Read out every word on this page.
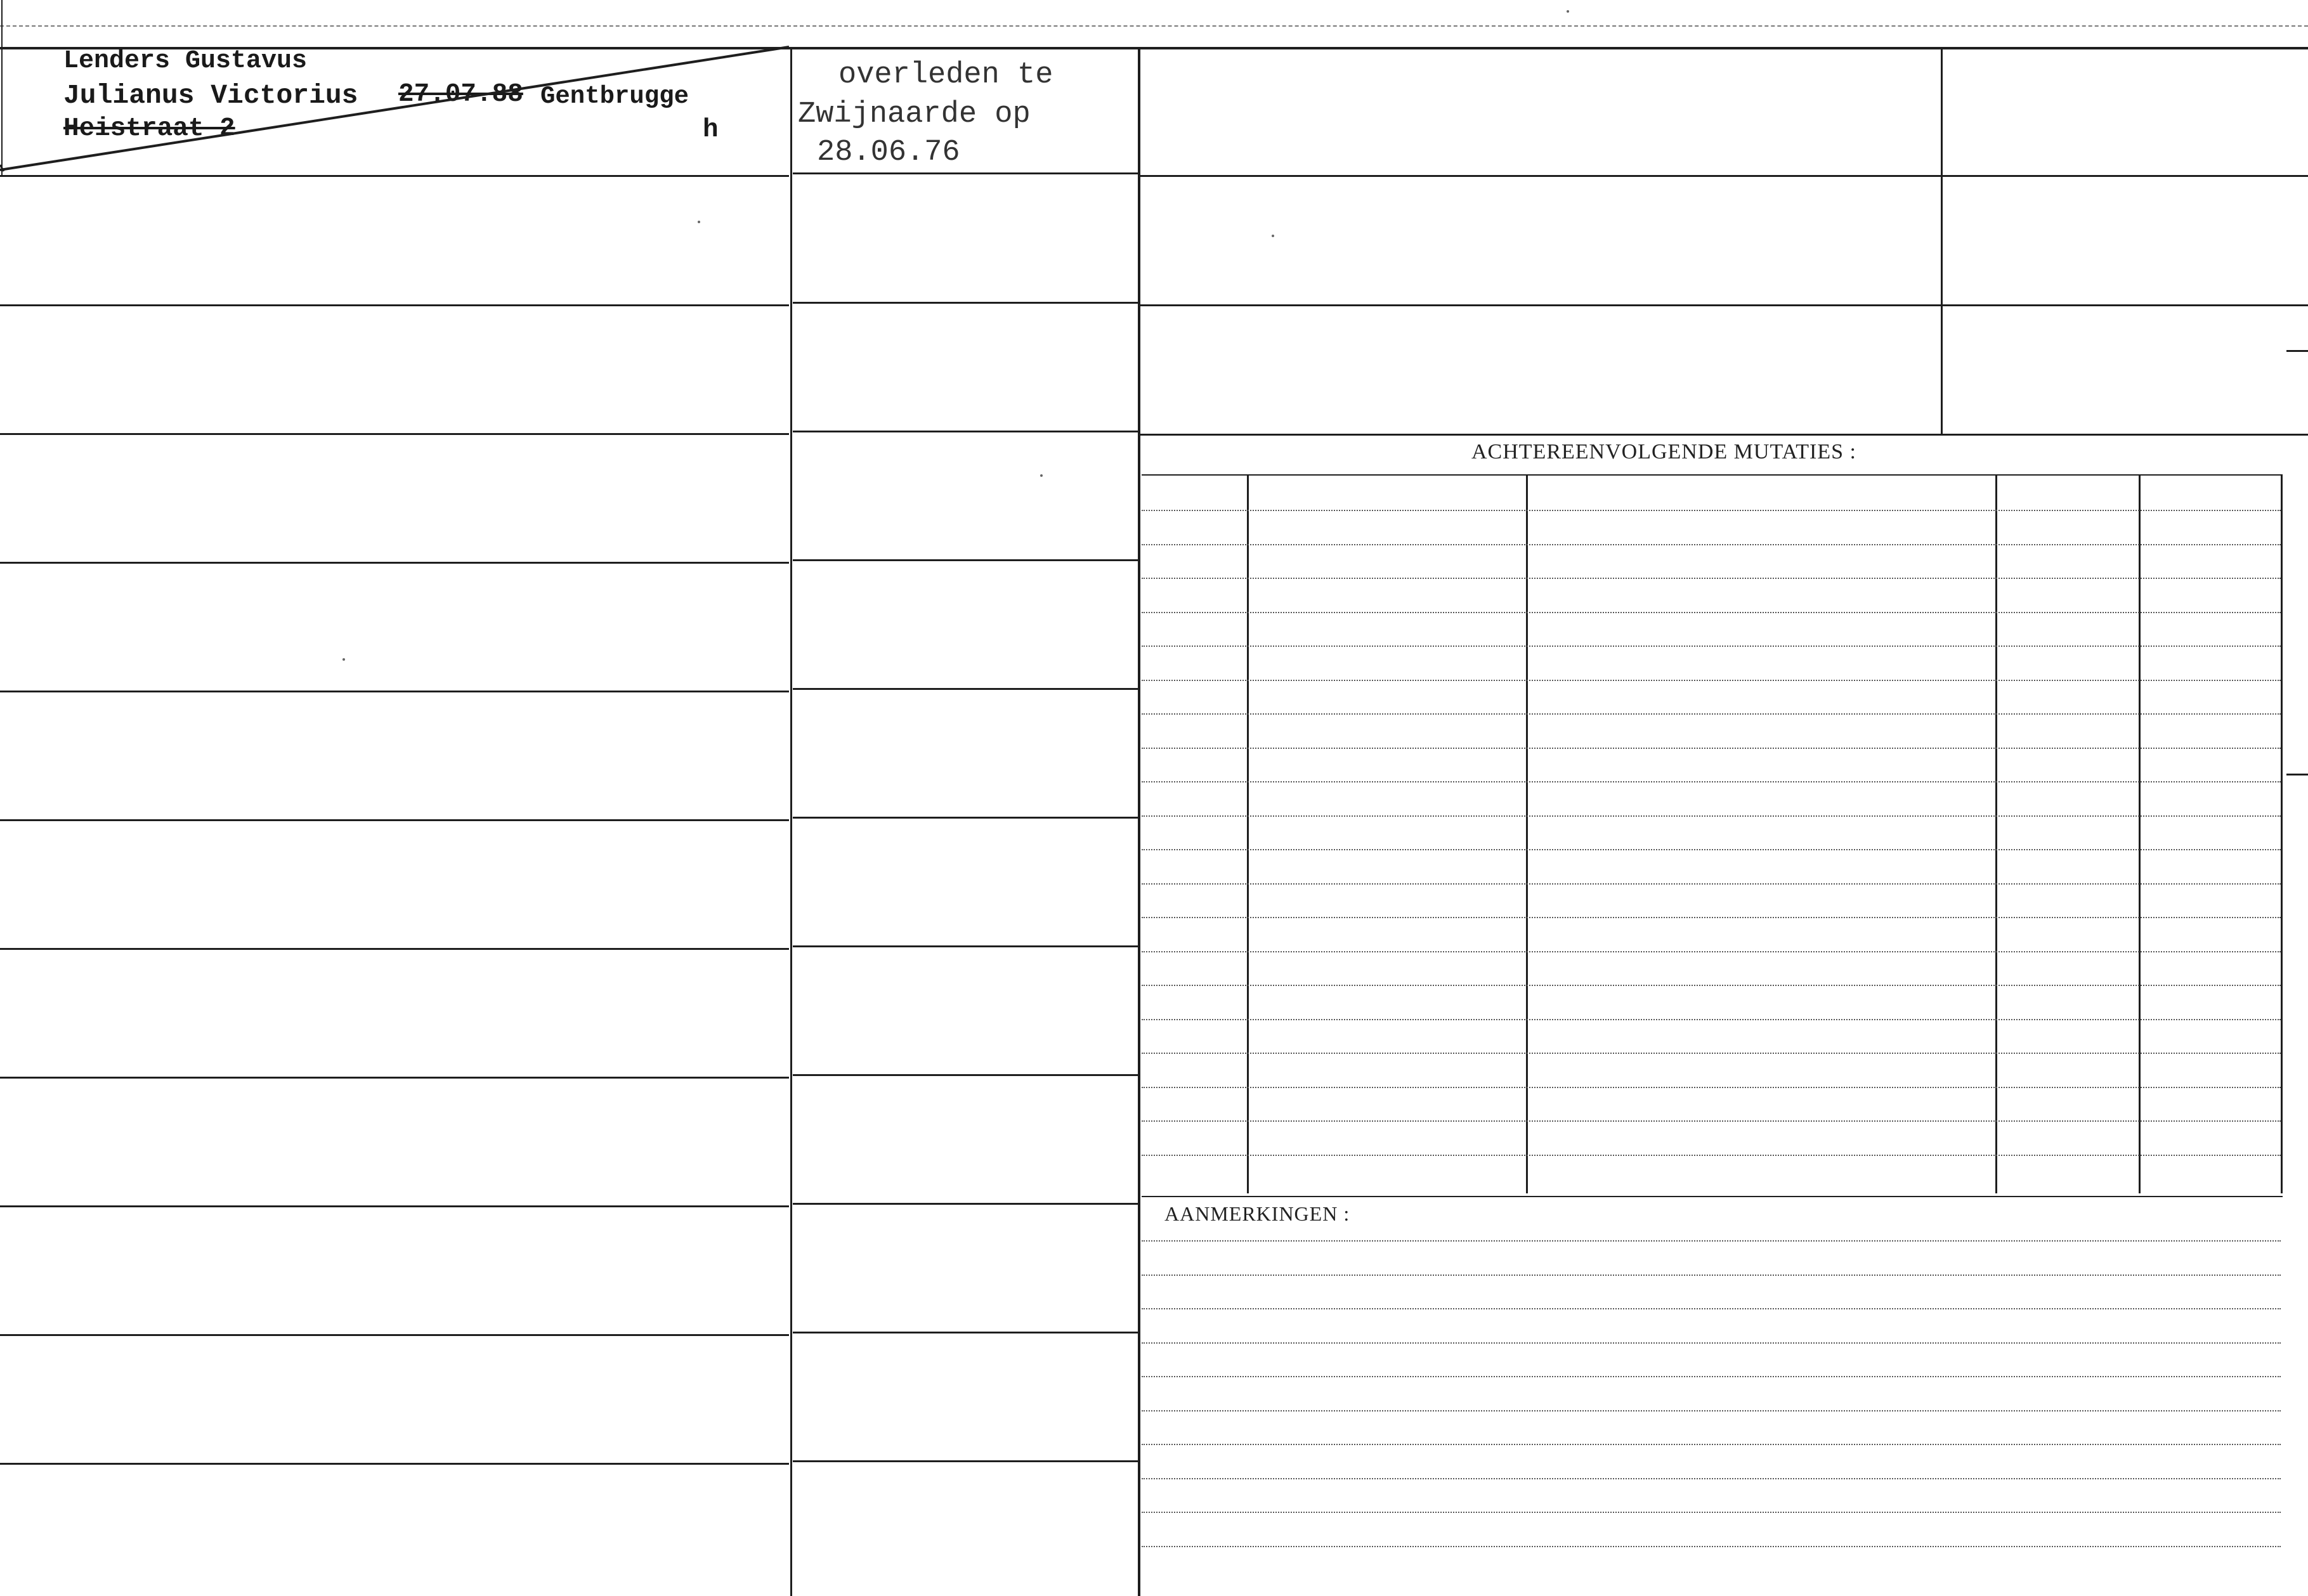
ACHTEREENVOLGENDE MUTATIES :
AANMERKINGEN :
Lenders Gustavus
Julianus Victorius 27.07.88 Gentbrugge
Heistraat 2	h
overleden te
Zwijnaarde op
28.06.76
